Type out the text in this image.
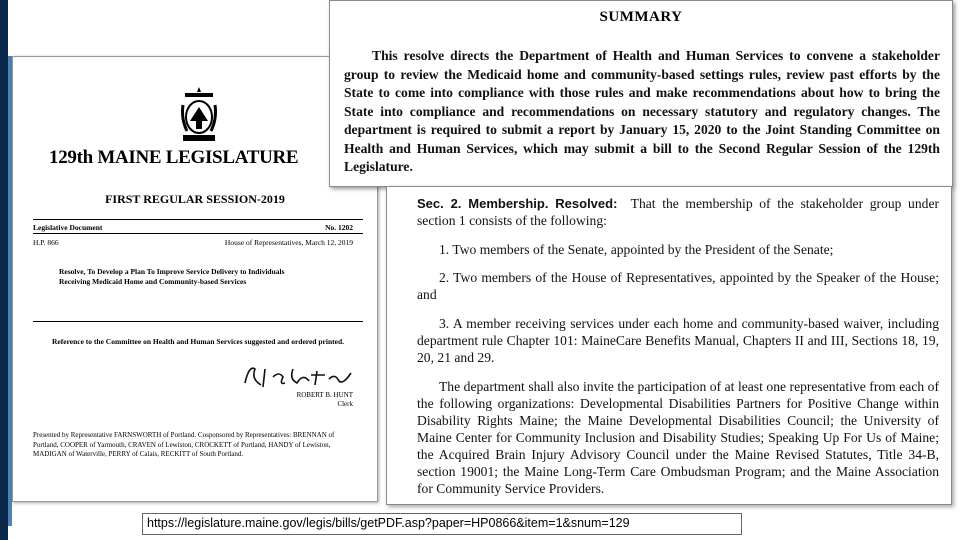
129th MAINE LEGISLATURE
FIRST REGULAR SESSION-2019
Legislative Document	No. 1202
H.P. 866	House of Representatives, March 12, 2019
Resolve, To Develop a Plan To Improve Service Delivery to Individuals Receiving Medicaid Home and Community-based Services
Reference to the Committee on Health and Human Services suggested and ordered printed.
ROBERT B. HUNT
Clerk
Presented by Representative FARNSWORTH of Portland. Cosponsored by Representatives: BRENNAN of Portland, COOPER of Yarmouth, CRAVEN of Lewiston, CROCKETT of Portland, HANDY of Lewiston, MADIGAN of Waterville, PERRY of Calais, RECKITT of South Portland.
SUMMARY
This resolve directs the Department of Health and Human Services to convene a stakeholder group to review the Medicaid home and community-based settings rules, review past efforts by the State to come into compliance with those rules and make recommendations about how to bring the State into compliance and recommendations on necessary statutory and regulatory changes. The department is required to submit a report by January 15, 2020 to the Joint Standing Committee on Health and Human Services, which may submit a bill to the Second Regular Session of the 129th Legislature.
Sec. 2. Membership. Resolved: That the membership of the stakeholder group under section 1 consists of the following:
1. Two members of the Senate, appointed by the President of the Senate;
2. Two members of the House of Representatives, appointed by the Speaker of the House; and
3. A member receiving services under each home and community-based waiver, including department rule Chapter 101: MaineCare Benefits Manual, Chapters II and III, Sections 18, 19, 20, 21 and 29.
The department shall also invite the participation of at least one representative from each of the following organizations: Developmental Disabilities Partners for Positive Change within Disability Rights Maine; the Maine Developmental Disabilities Council; the University of Maine Center for Community Inclusion and Disability Studies; Speaking Up For Us of Maine; the Acquired Brain Injury Advisory Council under the Maine Revised Statutes, Title 34-B, section 19001; the Maine Long-Term Care Ombudsman Program; and the Maine Association for Community Service Providers.
https://legislature.maine.gov/legis/bills/getPDF.asp?paper=HP0866&item=1&snum=129
